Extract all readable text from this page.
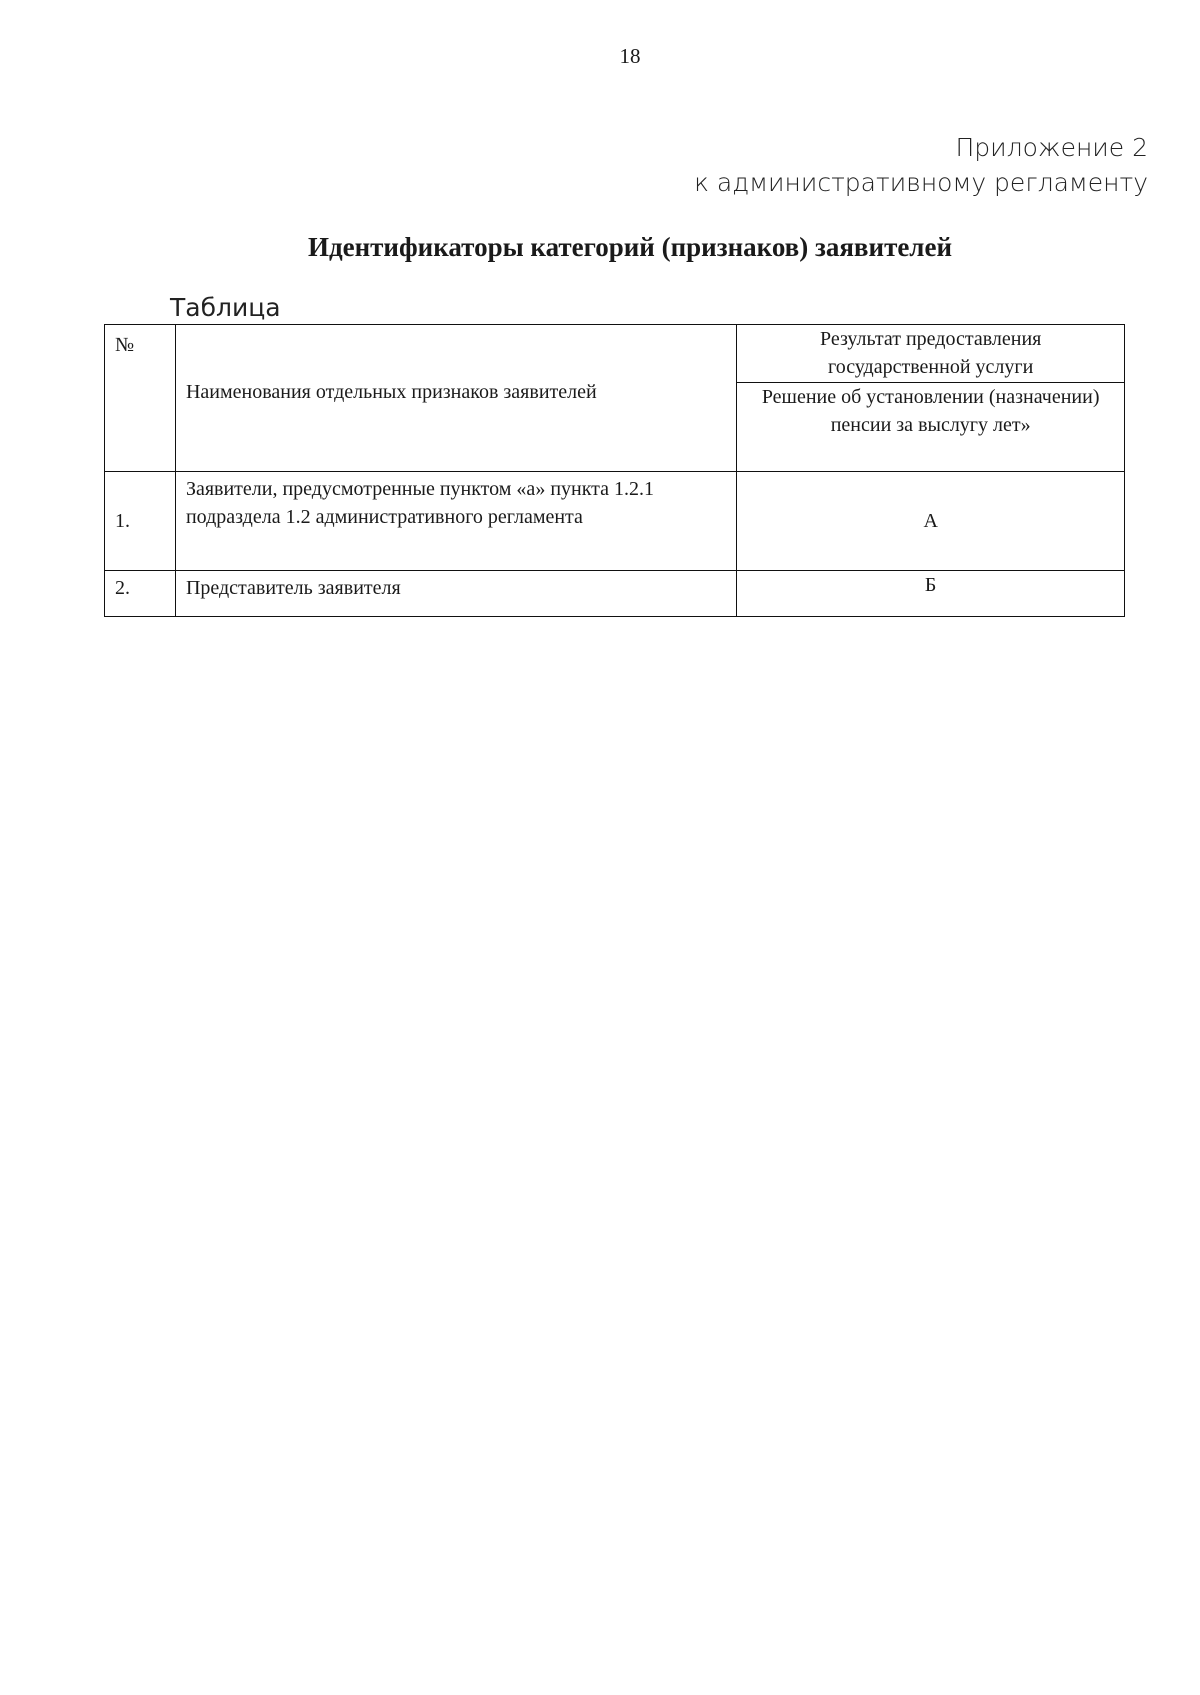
18
Приложение 2
к административному регламенту
Идентификаторы категорий (признаков) заявителей
Таблица
№	Наименования отдельных признаков заявителей	Результат предоставления государственной услуги
		Решение об установлении (назначении) пенсии за выслугу лет»
1.	Заявители, предусмотренные пунктом «а» пункта 1.2.1 подраздела 1.2 административного регламента	А
2.	Представитель заявителя	Б
